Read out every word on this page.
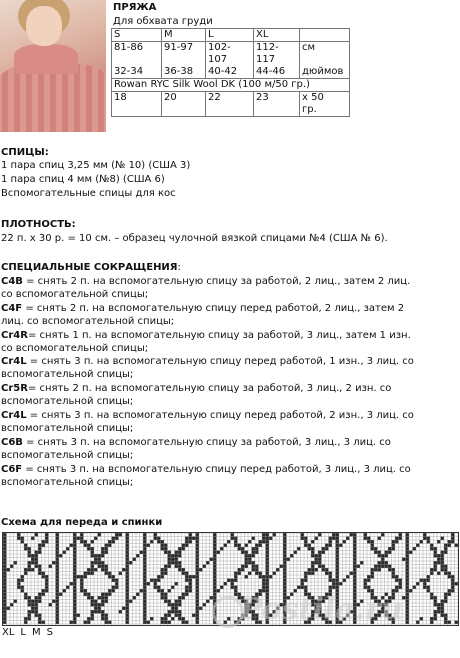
ПРЯЖА
Для обхвата груди
S	M	L	XL	
81-86	91-97	102-	112-	см
		107	117	
32-34	36-38	40-42	44-46	дюймов
Rowan RYC Silk Wool DK (100 м/50 гр.)				
18	20	22	23	х 50
				гр.
СПИЦЫ:
1 пара спиц 3,25 мм (№ 10) (США 3)
1 пара спиц 4 мм (№8) (США 6)
Вспомогательные спицы для кос
ПЛОТНОСТЬ:
22 п. х 30 р. = 10 см. – образец чулочной вязкой спицами №4 (США № 6).
СПЕЦИАЛЬНЫЕ СОКРАЩЕНИЯ:
C4B = снять 2 п. на вспомогательную спицу за работой, 2 лиц., затем 2 лиц.
со вспомогательной спицы;
C4F = снять 2 п. на вспомогательную спицу перед работой, 2 лиц., затем 2
лиц. со вспомогательной спицы;
Cr4R= снять 1 п. на вспомогательную спицу за работой, 3 лиц., затем 1 изн.
со вспомогательной спицы;
Cr4L = снять 3 п. на вспомогательную спицу перед работой, 1 изн., 3 лиц. со
вспомогательной спицы;
Cr5R= снять 2 п. на вспомогательную спицу за работой, 3 лиц., 2 изн. со
вспомогательной спицы;
Cr4L = снять 3 п. на вспомогательную спицу перед работой, 2 изн., 3 лиц. со
вспомогательной спицы;
C6B = снять 3 п. на вспомогательную спицу за работой, 3 лиц., 3 лиц. со
вспомогательной спицы;
C6F = снять 3 п. на вспомогательную спицу перед работой, 3 лиц., 3 лиц. со
вспомогательной спицы;
Схема для переда и спинки
Postila.ru
XL L M S
